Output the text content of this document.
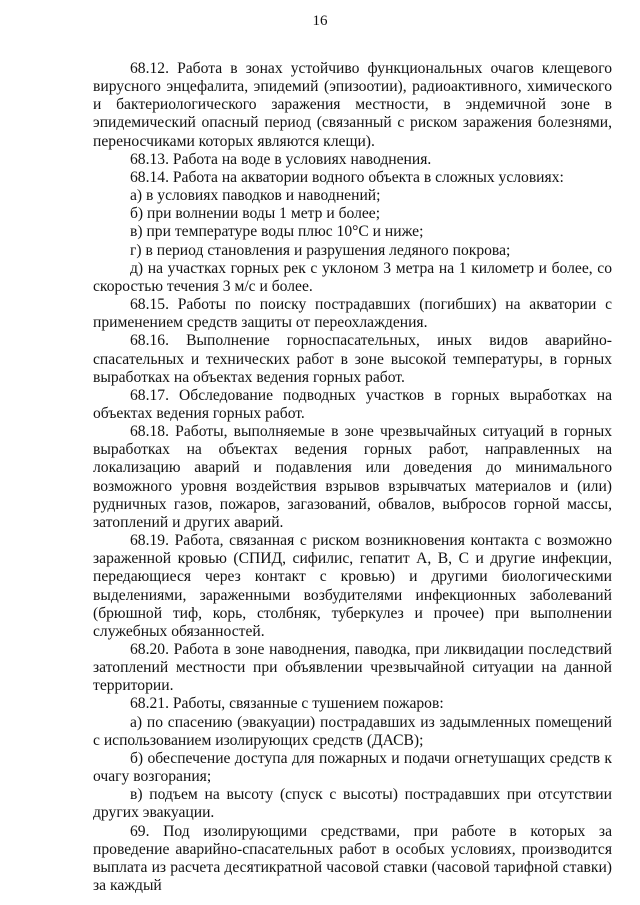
16

68.12. Работа в зонах устойчиво функциональных очагов клещевого вирусного энцефалита, эпидемий (эпизоотии), радиоактивного, химического и бактериологического заражения местности, в эндемичной зоне в эпидемический опасный период (связанный с риском заражения болезнями, переносчиками которых являются клещи).

68.13. Работа на воде в условиях наводнения.

68.14. Работа на акватории водного объекта в сложных условиях:

а) в условиях паводков и наводнений;

б) при волнении воды 1 метр и более;

в) при температуре воды плюс 10°С и ниже;

г) в период становления и разрушения ледяного покрова;

д) на участках горных рек с уклоном 3 метра на 1 километр и более, со скоростью течения 3 м/с и более.

68.15. Работы по поиску пострадавших (погибших) на акватории с применением средств защиты от переохлаждения.

68.16. Выполнение горноспасательных, иных видов аварийно-спасательных и технических работ в зоне высокой температуры, в горных выработках на объектах ведения горных работ.

68.17. Обследование подводных участков в горных выработках на объектах ведения горных работ.

68.18. Работы, выполняемые в зоне чрезвычайных ситуаций в горных выработках на объектах ведения горных работ, направленных на локализацию аварий и подавления или доведения до минимального возможного уровня воздействия взрывов взрывчатых материалов и (или) рудничных газов, пожаров, загазований, обвалов, выбросов горной массы, затоплений и других аварий.

68.19. Работа, связанная с риском возникновения контакта с возможно зараженной кровью (СПИД, сифилис, гепатит А, В, С и другие инфекции, передающиеся через контакт с кровью) и другими биологическими выделениями, зараженными возбудителями инфекционных заболеваний (брюшной тиф, корь, столбняк, туберкулез и прочее) при выполнении служебных обязанностей.

68.20. Работа в зоне наводнения, паводка, при ликвидации последствий затоплений местности при объявлении чрезвычайной ситуации на данной территории.

68.21. Работы, связанные с тушением пожаров:

а) по спасению (эвакуации) пострадавших из задымленных помещений с использованием изолирующих средств (ДАСВ);

б) обеспечение доступа для пожарных и подачи огнетушащих средств к очагу возгорания;

в) подъем на высоту (спуск с высоты) пострадавших при отсутствии других эвакуации.

69. Под изолирующими средствами, при работе в которых за проведение аварийно-спасательных работ в особых условиях, производится выплата из расчета десятикратной часовой ставки (часовой тарифной ставки) за каждый
